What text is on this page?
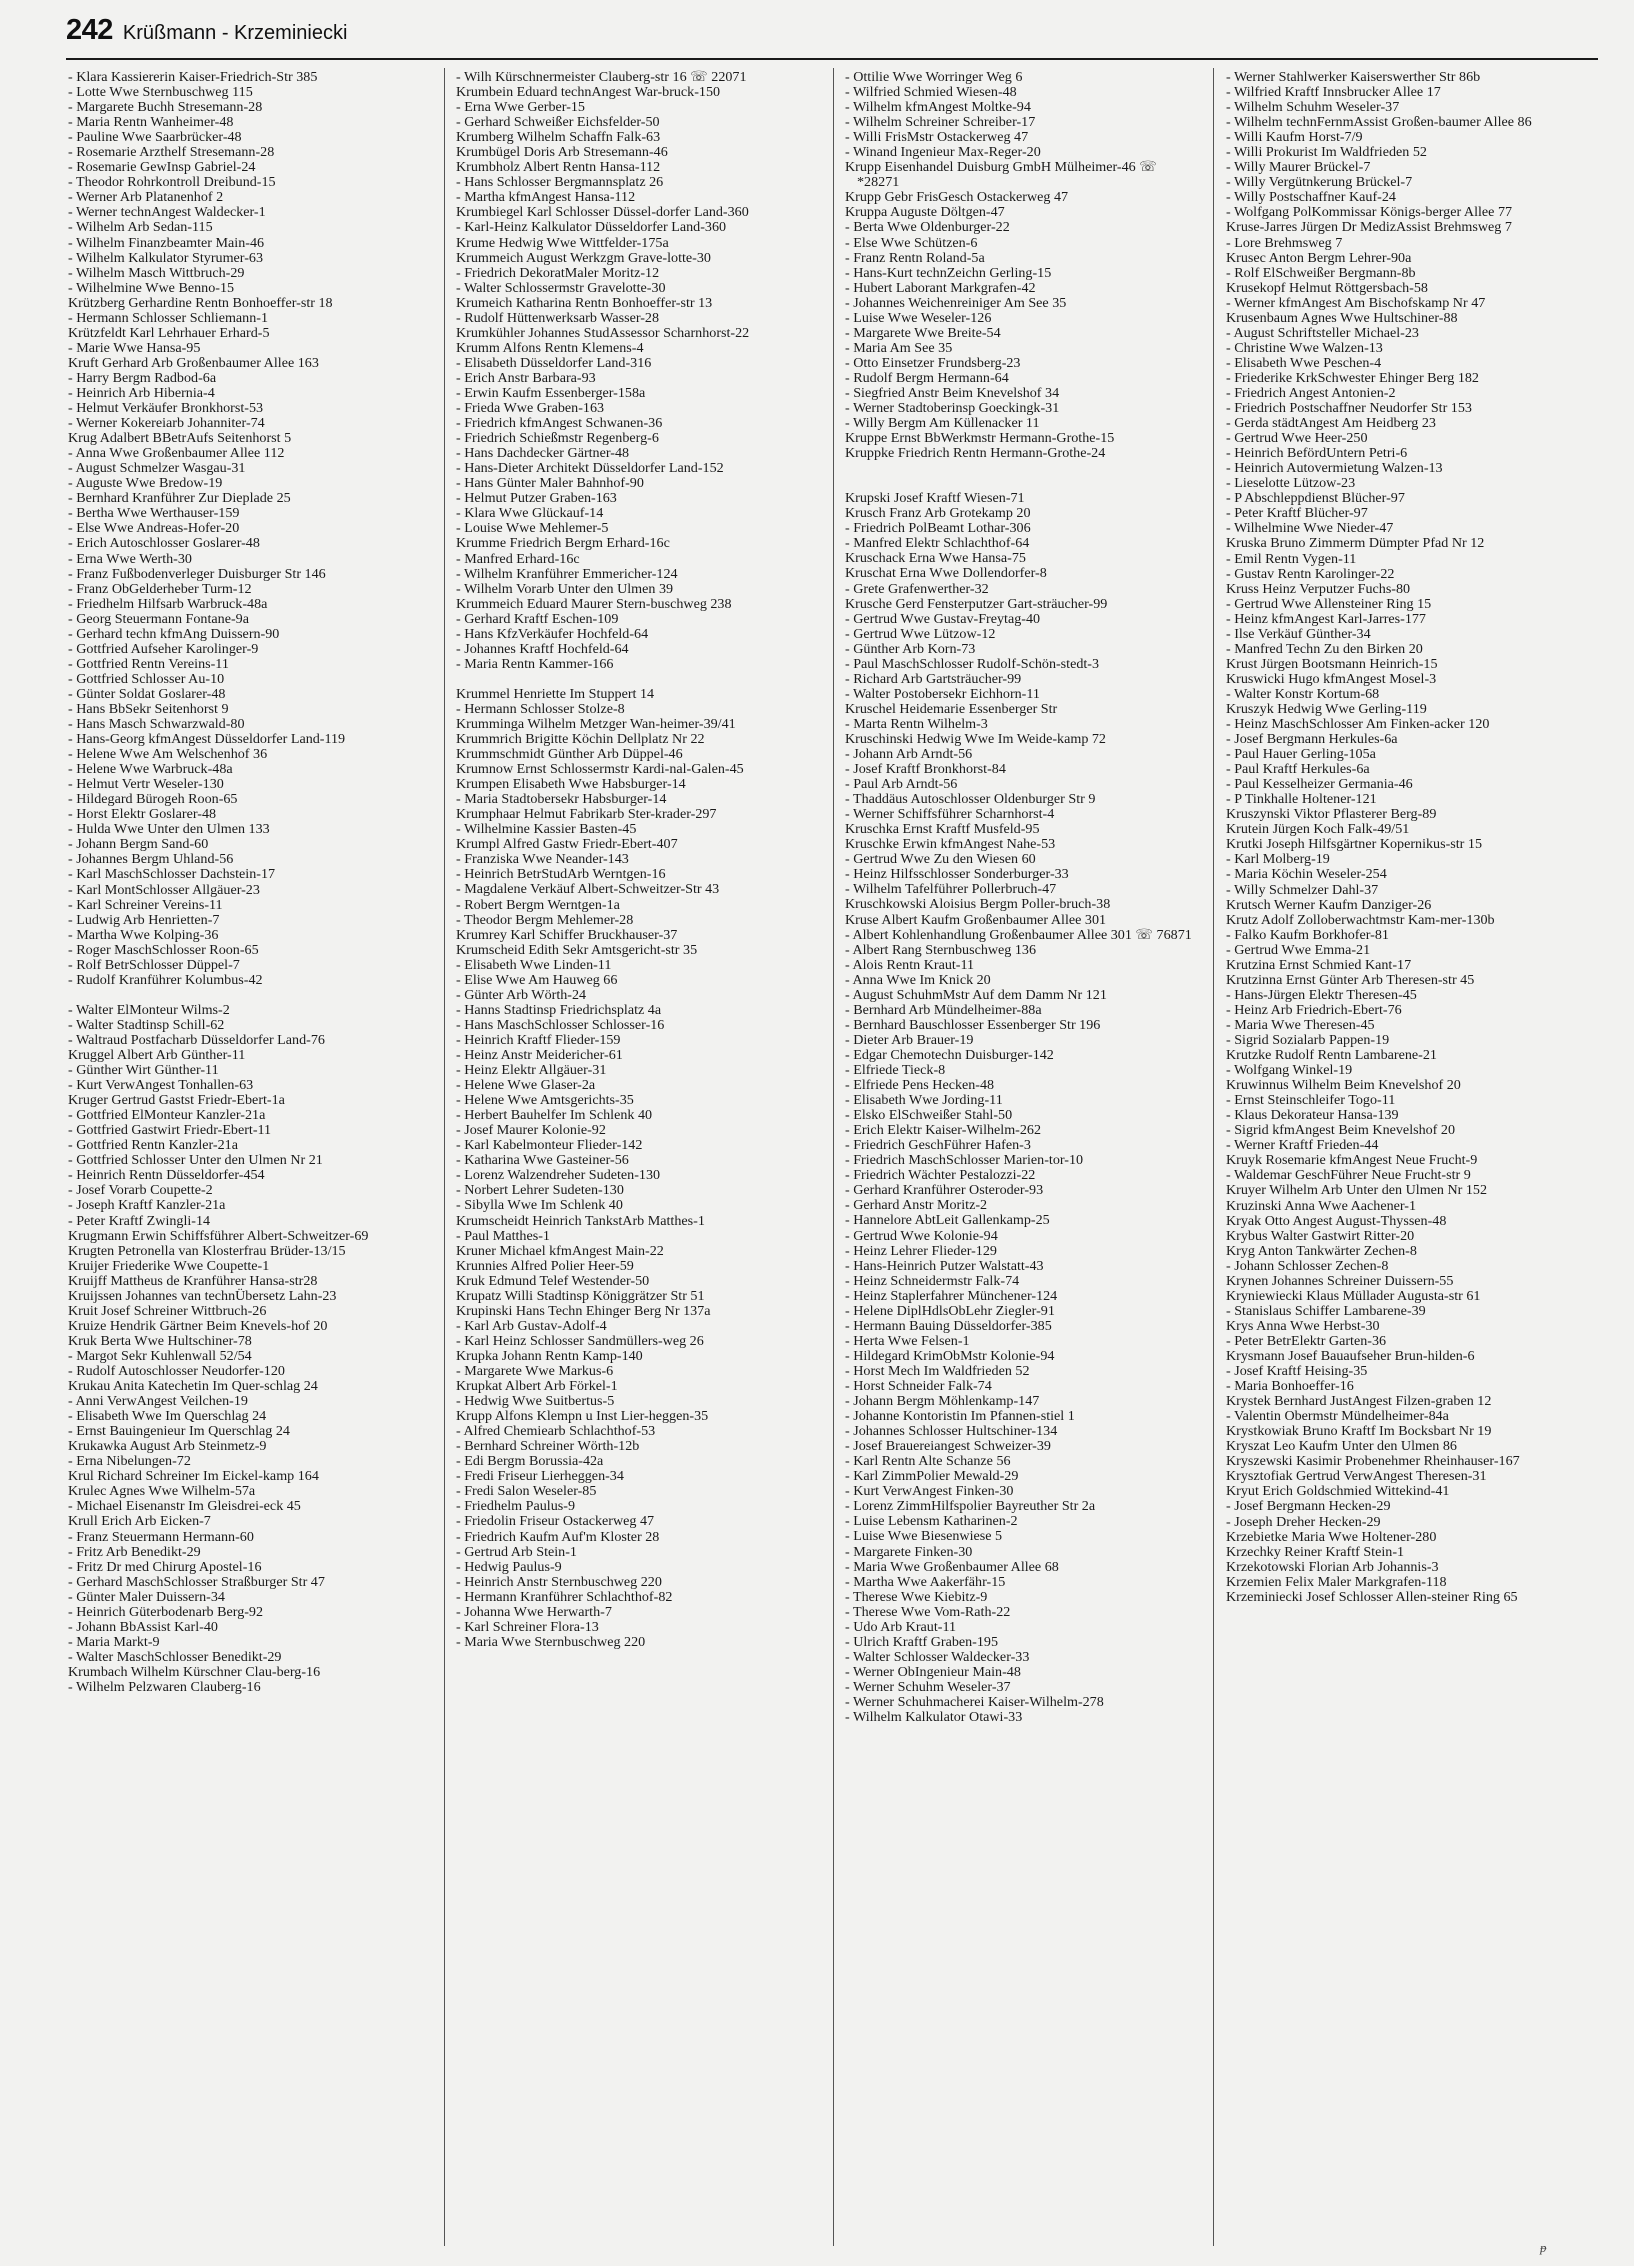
242 Krüßmann - Krzeminiecki
- Klara Kassiererin Kaiser-Friedrich-Str 385
- Lotte Wwe Sternbuschweg 115
- Margarete Buchh Stresemann-28
- Maria Rentn Wanheimer-48
- Pauline Wwe Saarbrücker-48
- Rosemarie Arzthelf Stresemann-28
- Rosemarie GewInsp Gabriel-24
- Theodor Rohrkontroll Dreibund-15
- Werner Arb Platanenhof 2
- Werner technAngest Waldecker-1
- Wilhelm Arb Sedan-115
- Wilhelm Finanzbeamter Main-46
- Wilhelm Kalkulator Styrumer-63
- Wilhelm Masch Wittbruch-29
- Wilhelmine Wwe Benno-15
Krützberg Gerhardine Rentn Bonhoeffer-str 18
- Hermann Schlosser Schliemann-1
Krützfeldt Karl Lehrhauer Erhard-5
- Marie Wwe Hansa-95
Kruft Gerhard Arb Großenbaumer Allee 163
- Harry Bergm Radbod-6a
- Heinrich Arb Hibernia-4
- Helmut Verkäufer Bronkhorst-53
- Werner Kokereiarb Johanniter-74
Krug Adalbert BBetrAufs Seitenhorst 5
- Anna Wwe Großenbaumer Allee 112
- August Schmelzer Wasgau-31
- Auguste Wwe Bredow-19
- Bernhard Kranführer Zur Dieplade 25
- Bertha Wwe Werthauser-159
- Else Wwe Andreas-Hofer-20
- Erich Autoschlosser Goslarer-48
- Erna Wwe Werth-30
- Franz Fußbodenverleger Duisburger Str 146
- Franz ObGelderheber Turm-12
- Friedhelm Hilfsarb Warbruck-48a
- Georg Steuermann Fontane-9a
- Gerhard techn kfmAng Duissern-90
- Gottfried Aufseher Karolinger-9
- Gottfried Rentn Vereins-11
- Gottfried Schlosser Au-10
- Günter Soldat Goslarer-48
- Hans BbSekr Seitenhorst 9
- Hans Masch Schwarzwald-80
- Hans-Georg kfmAngest Düsseldorfer Land-119
- Helene Wwe Am Welschenhof 36
- Helene Wwe Warbruck-48a
- Helmut Vertr Weseler-130
- Hildegard Bürogeh Roon-65
- Horst Elektr Goslarer-48
- Hulda Wwe Unter den Ulmen 133
- Johann Bergm Sand-60
- Johannes Bergm Uhland-56
- Karl MaschSchlosser Dachstein-17
- Karl MontSchlosser Allgäuer-23
- Karl Schreiner Vereins-11
- Ludwig Arb Henrietten-7
- Martha Wwe Kolping-36
- Roger MaschSchlosser Roon-65
- Rolf BetrSchlosser Düppel-7
- Rudolf Kranführer Kolumbus-42
- Walter ElMonteur Wilms-2
- Walter Stadtinsp Schill-62
- Waltraud Postfacharb Düsseldorfer Land-76
Kruggel Albert Arb Günther-11
- Günther Wirt Günther-11
- Kurt VerwAngest Tonhallen-63
Kruger Gertrud Gastst Friedr-Ebert-1a
- Gottfried ElMonteur Kanzler-21a
- Gottfried Gastwirt Friedr-Ebert-11
- Gottfried Rentn Kanzler-21a
- Gottfried Schlosser Unter den Ulmen Nr 21
- Heinrich Rentn Düsseldorfer-454
- Josef Vorarb Coupette-2
- Joseph Kraftf Kanzler-21a
- Peter Kraftf Zwingli-14
Krugmann Erwin Schiffsführer Albert-Schweitzer-69
Krugten Petronella van Klosterfrau Brüder-13/15
Kruijer Friederike Wwe Coupette-1
Kruijff Mattheus de Kranführer Hansa-str28
Kruijssen Johannes van technÜbersetz Lahn-23
Kruit Josef Schreiner Wittbruch-26
Kruize Hendrik Gärtner Beim Knevels-hof 20
Kruk Berta Wwe Hultschiner-78
- Margot Sekr Kuhlenwall 52/54
- Rudolf Autoschlosser Neudorfer-120
Krukau Anita Katechetin Im Quer-schlag 24
- Anni VerwAngest Veilchen-19
- Elisabeth Wwe Im Querschlag 24
- Ernst Bauingenieur Im Querschlag 24
Krukawka August Arb Steinmetz-9
- Erna Nibelungen-72
Krul Richard Schreiner Im Eickel-kamp 164
Krulec Agnes Wwe Wilhelm-57a
- Michael Eisenanstr Im Gleisdrei-eck 45
Krull Erich Arb Eicken-7
- Franz Steuermann Hermann-60
- Fritz Arb Benedikt-29
- Fritz Dr med Chirurg Apostel-16
- Gerhard MaschSchlosser Straßburger Str 47
- Günter Maler Duissern-34
- Heinrich Güterbodenarb Berg-92
- Johann BbAssist Karl-40
- Maria Markt-9
- Walter MaschSchlosser Benedikt-29
Krumbach Wilhelm Kürschner Clau-berg-16
- Wilhelm Pelzwaren Clauberg-16
- Wilh Kürschnermeister Clauberg-str 16 ☏ 22071
Krumbein Eduard technAngest War-bruck-150
- Erna Wwe Gerber-15
- Gerhard Schweißer Eichsfelder-50
Krumberg Wilhelm Schaffn Falk-63
Krumbügel Doris Arb Stresemann-46
Krumbholz Albert Rentn Hansa-112
- Hans Schlosser Bergmannsplatz 26
- Martha kfmAngest Hansa-112
Krumbiegel Karl Schlosser Düssel-dorfer Land-360
- Karl-Heinz Kalkulator Düsseldorfer Land-360
Krume Hedwig Wwe Wittfelder-175a
Krummeich August Werkzgm Grave-lotte-30
- Friedrich DekoratMaler Moritz-12
- Walter Schlossermstr Gravelotte-30
Krumeich Katharina Rentn Bonhoeffer-str 13
- Rudolf Hüttenwerksarb Wasser-28
Krumkühler Johannes StudAssessor Scharnhorst-22
Krumm Alfons Rentn Klemens-4
- Elisabeth Düsseldorfer Land-316
- Erich Anstr Barbara-93
- Erwin Kaufm Essenberger-158a
- Frieda Wwe Graben-163
- Friedrich kfmAngest Schwanen-36
- Friedrich Schießmstr Regenberg-6
- Hans Dachdecker Gärtner-48
- Hans-Dieter Architekt Düsseldorfer Land-152
- Hans Günter Maler Bahnhof-90
- Helmut Putzer Graben-163
- Klara Wwe Glückauf-14
- Louise Wwe Mehlemer-5
Krumme Friedrich Bergm Erhard-16c
- Manfred Erhard-16c
- Wilhelm Kranführer Emmericher-124
- Wilhelm Vorarb Unter den Ulmen 39
Krummeich Eduard Maurer Stern-buschweg 238
- Gerhard Kraftf Eschen-109
- Hans KfzVerkäufer Hochfeld-64
- Johannes Kraftf Hochfeld-64
- Maria Rentn Kammer-166
Krummel Henriette Im Stuppert 14
- Hermann Schlosser Stolze-8
Krumminga Wilhelm Metzger Wan-heimer-39/41
Krummrich Brigitte Köchin Dellplatz Nr 22
Krummschmidt Günther Arb Düppel-46
Krumnow Ernst Schlossermstr Kardi-nal-Galen-45
Krumpen Elisabeth Wwe Habsburger-14
- Maria Stadtobersekr Habsburger-14
Krumphaar Helmut Fabrikarb Ster-krader-297
- Wilhelmine Kassier Basten-45
Krumpl Alfred Gastw Friedr-Ebert-407
- Franziska Wwe Neander-143
- Heinrich BetrStudArb Werntgen-16
- Magdalene Verkäuf Albert-Schweitzer-Str 43
- Robert Bergm Werntgen-1a
- Theodor Bergm Mehlemer-28
Krumrey Karl Schiffer Bruckhauser-37
Krumscheid Edith Sekr Amtsgericht-str 35
- Elisabeth Wwe Linden-11
- Elise Wwe Am Hauweg 66
- Günter Arb Wörth-24
- Hanns Stadtinsp Friedrichsplatz 4a
- Hans MaschSchlosser Schlosser-16
- Heinrich Kraftf Flieder-159
- Heinz Anstr Meidericher-61
- Heinz Elektr Allgäuer-31
- Helene Wwe Glaser-2a
- Helene Wwe Amtsgerichts-35
- Herbert Bauhelfer Im Schlenk 40
- Josef Maurer Kolonie-92
- Karl Kabelmonteur Flieder-142
- Katharina Wwe Gasteiner-56
- Lorenz Walzendreher Sudeten-130
- Norbert Lehrer Sudeten-130
- Sibylla Wwe Im Schlenk 40
Krumscheidt Heinrich TankstArb Matthes-1
- Paul Matthes-1
Kruner Michael kfmAngest Main-22
Krunnies Alfred Polier Heer-59
Kruk Edmund Telef Westender-50
Krupatz Willi Stadtinsp Königgrätzer Str 51
Krupinski Hans Techn Ehinger Berg Nr 137a
- Karl Arb Gustav-Adolf-4
- Karl Heinz Schlosser Sandmüllers-weg 26
Krupka Johann Rentn Kamp-140
- Margarete Wwe Markus-6
Krupkat Albert Arb Förkel-1
- Hedwig Wwe Suitbertus-5
Krupp Alfons Klempn u Inst Lier-heggen-35
- Alfred Chemiearb Schlachthof-53
- Bernhard Schreiner Wörth-12b
- Edi Bergm Borussia-42a
- Fredi Friseur Lierheggen-34
- Fredi Salon Weseler-85
- Friedhelm Paulus-9
- Friedolin Friseur Ostackerweg 47
- Friedrich Kaufm Auf'm Kloster 28
- Gertrud Arb Stein-1
- Hedwig Paulus-9
- Heinrich Anstr Sternbuschweg 220
- Hermann Kranführer Schlachthof-82
- Johanna Wwe Herwarth-7
- Karl Schreiner Flora-13
- Maria Wwe Sternbuschweg 220
- Ottilie Wwe Worringer Weg 6
- Wilfried Schmied Wiesen-48
- Wilhelm kfmAngest Moltke-94
- Wilhelm Schreiner Schreiber-17
- Willi FrisMstr Ostackerweg 47
- Winand Ingenieur Max-Reger-20
Krupp Eisenhandel Duisburg GmbH Mülheimer-46 ☏ *28271
Krupp Gebr FrisGesch Ostackerweg 47
Kruppa Auguste Döltgen-47
- Berta Wwe Oldenburger-22
- Else Wwe Schützen-6
- Franz Rentn Roland-5a
- Hans-Kurt technZeichn Gerling-15
- Hubert Laborant Markgrafen-42
- Johannes Weichenreiniger Am See 35
- Luise Wwe Weseler-126
- Margarete Wwe Breite-54
- Maria Am See 35
- Otto Einsetzer Frundsberg-23
- Rudolf Bergm Hermann-64
- Siegfried Anstr Beim Knevelshof 34
- Werner Stadtoberinsp Goeckingk-31
- Willy Bergm Am Küllenacker 11
Kruppe Ernst BbWerkmstr Hermann-Grothe-15
Kruppke Friedrich Rentn Hermann-Grothe-24
Krupski Josef Kraftf Wiesen-71
Krusch Franz Arb Grotekamp 20
- Friedrich PolBeamt Lothar-306
- Manfred Elektr Schlachthof-64
Kruschack Erna Wwe Hansa-75
Kruschat Erna Wwe Dollendorfer-8
- Grete Grafenwerther-32
Krusche Gerd Fensterputzer Gart-sträucher-99
- Gertrud Wwe Gustav-Freytag-40
- Gertrud Wwe Lützow-12
- Günther Arb Korn-73
- Paul MaschSchlosser Rudolf-Schön-stedt-3
- Richard Arb Gartsträucher-99
- Walter Postobersekr Eichhorn-11
Kruschel Heidemarie Essenberger Str
- Marta Rentn Wilhelm-3
Kruschinski Hedwig Wwe Im Weide-kamp 72
- Johann Arb Arndt-56
- Josef Kraftf Bronkhorst-84
- Paul Arb Arndt-56
- Thaddäus Autoschlosser Oldenburger Str 9
- Werner Schiffsführer Scharnhorst-4
Kruschka Ernst Kraftf Musfeld-95
Kruschke Erwin kfmAngest Nahe-53
- Gertrud Wwe Zu den Wiesen 60
- Heinz Hilfsschlosser Sonderburger-33
- Wilhelm Tafelführer Pollerbruch-47
Kruschkowski Aloisius Bergm Poller-bruch-38
Kruse Albert Kaufm Großenbaumer Allee 301
- Albert Kohlenhandlung Großenbaumer Allee 301 ☏ 76871
- Albert Rang Sternbuschweg 136
- Alois Rentn Kraut-11
- Anna Wwe Im Knick 20
- August SchuhmMstr Auf dem Damm Nr 121
- Bernhard Arb Mündelheimer-88a
- Bernhard Bauschlosser Essenberger Str 196
- Dieter Arb Brauer-19
- Edgar Chemotechn Duisburger-142
- Elfriede Tieck-8
- Elfriede Pens Hecken-48
- Elisabeth Wwe Jording-11
- Elsko ElSchweißer Stahl-50
- Erich Elektr Kaiser-Wilhelm-262
- Friedrich GeschFührer Hafen-3
- Friedrich MaschSchlosser Marien-tor-10
- Friedrich Wächter Pestalozzi-22
- Gerhard Kranführer Osteroder-93
- Gerhard Anstr Moritz-2
- Hannelore AbtLeit Gallenkamp-25
- Gertrud Wwe Kolonie-94
- Heinz Lehrer Flieder-129
- Hans-Heinrich Putzer Walstatt-43
- Heinz Schneidermstr Falk-74
- Heinz Staplerfahrer Münchener-124
- Helene DiplHdlsObLehr Ziegler-91
- Hermann Bauing Düsseldorfer-385
- Herta Wwe Felsen-1
- Hildegard KrimObMstr Kolonie-94
- Horst Mech Im Waldfrieden 52
- Horst Schneider Falk-74
- Johann Bergm Möhlenkamp-147
- Johanne Kontoristin Im Pfannen-stiel 1
- Johannes Schlosser Hultschiner-134
- Josef Brauereiangest Schweizer-39
- Karl Rentn Alte Schanze 56
- Karl ZimmPolier Mewald-29
- Kurt VerwAngest Finken-30
- Lorenz ZimmHilfspolier Bayreuther Str 2a
- Luise Lebensm Katharinen-2
- Luise Wwe Biesenwiese 5
- Margarete Finken-30
- Maria Wwe Großenbaumer Allee 68
- Martha Wwe Aakerfähr-15
- Therese Wwe Kiebitz-9
- Therese Wwe Vom-Rath-22
- Udo Arb Kraut-11
- Ulrich Kraftf Graben-195
- Walter Schlosser Waldecker-33
- Werner ObIngenieur Main-48
- Werner Schuhm Weseler-37
- Werner Schuhmacherei Kaiser-Wilhelm-278
- Wilhelm Kalkulator Otawi-33
- Werner Stahlwerker Kaiserswerther Str 86b
- Wilfried Kraftf Innsbrucker Allee 17
- Wilhelm Schuhm Weseler-37
- Wilhelm technFernmAssist Großen-baumer Allee 86
- Willi Kaufm Horst-7/9
- Willi Prokurist Im Waldfrieden 52
- Willy Maurer Brückel-7
- Willy Vergütnkerung Brückel-7
- Willy Postschaffner Kauf-24
- Wolfgang PolKommissar Königs-berger Allee 77
Kruse-Jarres Jürgen Dr MedizAssist Brehmsweg 7
- Lore Brehmsweg 7
Krusec Anton Bergm Lehrer-90a
- Rolf ElSchweißer Bergmann-8b
Krusekopf Helmut Röttgersbach-58
- Werner kfmAngest Am Bischofskamp Nr 47
Krusenbaum Agnes Wwe Hultschiner-88
- August Schriftsteller Michael-23
- Christine Wwe Walzen-13
- Elisabeth Wwe Peschen-4
- Friederike KrkSchwester Ehinger Berg 182
- Friedrich Angest Antonien-2
- Friedrich Postschaffner Neudorfer Str 153
- Gerda städtAngest Am Heidberg 23
- Gertrud Wwe Heer-250
- Heinrich BefördUntern Petri-6
- Heinrich Autovermietung Walzen-13
- Lieselotte Lützow-23
- P Abschleppdienst Blücher-97
- Peter Kraftf Blücher-97
- Wilhelmine Wwe Nieder-47
Kruska Bruno Zimmerm Dümpter Pfad Nr 12
- Emil Rentn Vygen-11
- Gustav Rentn Karolinger-22
Kruss Heinz Verputzer Fuchs-80
- Gertrud Wwe Allensteiner Ring 15
- Heinz kfmAngest Karl-Jarres-177
- Ilse Verkäuf Günther-34
- Manfred Techn Zu den Birken 20
Krust Jürgen Bootsmann Heinrich-15
Kruswicki Hugo kfmAngest Mosel-3
- Walter Konstr Kortum-68
Kruszyk Hedwig Wwe Gerling-119
- Heinz MaschSchlosser Am Finken-acker 120
- Josef Bergmann Herkules-6a
- Paul Hauer Gerling-105a
- Paul Kraftf Herkules-6a
- Paul Kesselheizer Germania-46
- P Tinkhalle Holtener-121
Kruszynski Viktor Pflasterer Berg-89
Krutein Jürgen Koch Falk-49/51
Krutki Joseph Hilfsgärtner Kopernikus-str 15
- Karl Molberg-19
- Maria Köchin Weseler-254
- Willy Schmelzer Dahl-37
Krutsch Werner Kaufm Danziger-26
Krutz Adolf Zolloberwachtmstr Kam-mer-130b
- Falko Kaufm Borkhofer-81
- Gertrud Wwe Emma-21
Krutzina Ernst Schmied Kant-17
Krutzinna Ernst Günter Arb Theresen-str 45
- Hans-Jürgen Elektr Theresen-45
- Heinz Arb Friedrich-Ebert-76
- Maria Wwe Theresen-45
- Sigrid Sozialarb Pappen-19
Krutzke Rudolf Rentn Lambarene-21
- Wolfgang Winkel-19
Kruwinnus Wilhelm Beim Knevelshof 20
- Ernst Steinschleifer Togo-11
- Klaus Dekorateur Hansa-139
- Sigrid kfmAngest Beim Knevelshof 20
- Werner Kraftf Frieden-44
Kruyk Rosemarie kfmAngest Neue Frucht-9
- Waldemar GeschFührer Neue Frucht-str 9
Kruyer Wilhelm Arb Unter den Ulmen Nr 152
Kruzinski Anna Wwe Aachener-1
Kryak Otto Angest August-Thyssen-48
Krybus Walter Gastwirt Ritter-20
Kryg Anton Tankwärter Zechen-8
- Johann Schlosser Zechen-8
Krynen Johannes Schreiner Duissern-55
Kryniewiecki Klaus Müllader Augusta-str 61
- Stanislaus Schiffer Lambarene-39
Krys Anna Wwe Herbst-30
- Peter BetrElektr Garten-36
Krysmann Josef Bauaufseher Brun-hilden-6
- Josef Kraftf Heising-35
- Maria Bonhoeffer-16
Krystek Bernhard JustAngest Filzen-graben 12
- Valentin Obermstr Mündelheimer-84a
Krystkowiak Bruno Kraftf Im Bocksbart Nr 19
Kryszat Leo Kaufm Unter den Ulmen 86
Kryszewski Kasimir Probenehmer Rheinhauser-167
Krysztofiak Gertrud VerwAngest Theresen-31
Kryut Erich Goldschmied Wittekind-41
- Josef Bergmann Hecken-29
- Joseph Dreher Hecken-29
Krzebietke Maria Wwe Holtener-280
Krzechky Reiner Kraftf Stein-1
Krzekotowski Florian Arb Johannis-3
Krzemien Felix Maler Markgrafen-118
Krzeminiecki Josef Schlosser Allen-steiner Ring 65
ᵽ
